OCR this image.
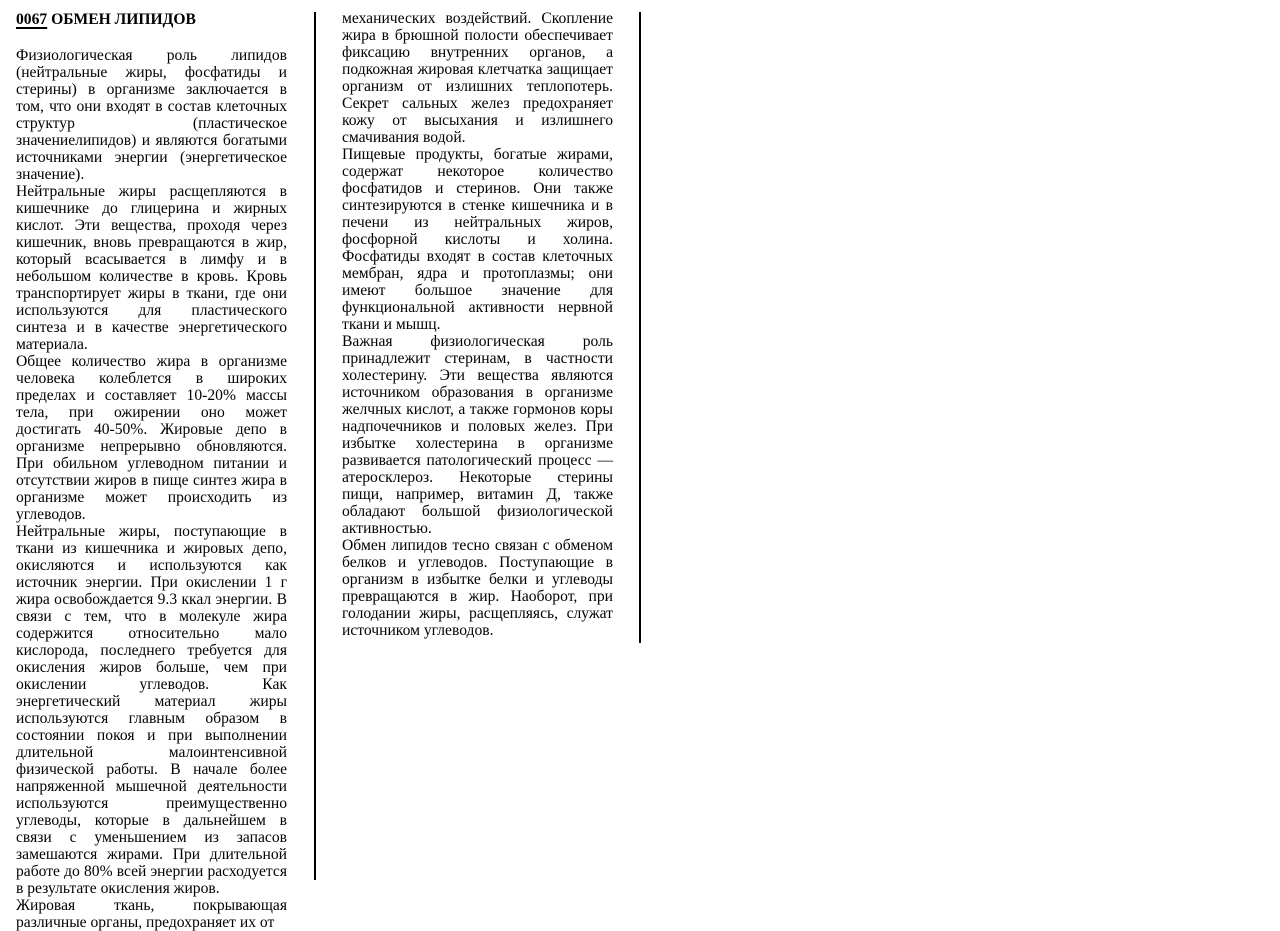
0067 ОБМЕН ЛИПИДОВ

Физиологическая роль липидов (нейтральные жиры, фосфатиды и стерины) в организме заключается в том, что они входят в состав клеточных структур (пластическое значениелипидов) и являются богатыми источниками энергии (энергетическое значение).

Нейтральные жиры расщепляются в кишечнике до глицерина и жирных кислот. Эти вещества, проходя через кишечник, вновь превращаются в жир, который всасывается в лимфу и в небольшом количестве в кровь. Кровь транспортирует жиры в ткани, где они используются для пластического синтеза и в качестве энергетического материала.

Общее количество жира в организме человека колеблется в широких пределах и составляет 10-20% массы тела, при ожирении оно может достигать 40-50%. Жировые депо в организме непрерывно обновляются. При обильном углеводном питании и отсутствии жиров в пище синтез жира в организме может происходить из углеводов.

Нейтральные жиры, поступающие в ткани из кишечника и жировых депо, окисляются и используются как источник энергии. При окислении 1 г жира освобождается 9.3 ккал энергии. В связи с тем, что в молекуле жира содержится относительно мало кислорода, последнего требуется для окисления жиров больше, чем при окислении углеводов. Как энергетический материал жиры используются главным образом в состоянии покоя и при выполнении длительной малоинтенсивной физической работы. В начале более напряженной мышечной деятельности используются преимущественно углеводы, которые в дальнейшем в связи с уменьшением из запасов замешаются жирами. При длительной работе до 80% всей энергии расходуется в результате окисления жиров.

Жировая ткань, покрывающая различные органы, предохраняет их от

механических воздействий. Скопление жира в брюшной полости обеспечивает фиксацию внутренних органов, а подкожная жировая клетчатка защищает организм от излишних теплопотерь. Секрет сальных желез предохраняет кожу от высыхания и излишнего смачивания водой.

Пищевые продукты, богатые жирами, содержат некоторое количество фосфатидов и стеринов. Они также синтезируются в стенке кишечника и в печени из нейтральных жиров, фосфорной кислоты и холина. Фосфатиды входят в состав клеточных мембран, ядра и протоплазмы; они имеют большое значение для функциональной активности нервной ткани и мышц.

Важная физиологическая роль принадлежит стеринам, в частности холестерину. Эти вещества являются источником образования в организме желчных кислот, а также гормонов коры надпочечников и половых желез. При избытке холестерина в организме развивается патологический процесс — атеросклероз. Некоторые стерины пищи, например, витамин Д, также обладают большой физиологической активностью.

Обмен липидов тесно связан с обменом белков и углеводов. Поступающие в организм в избытке белки и углеводы превращаются в жир. Наоборот, при голодании жиры, расщепляясь, служат источником углеводов.
